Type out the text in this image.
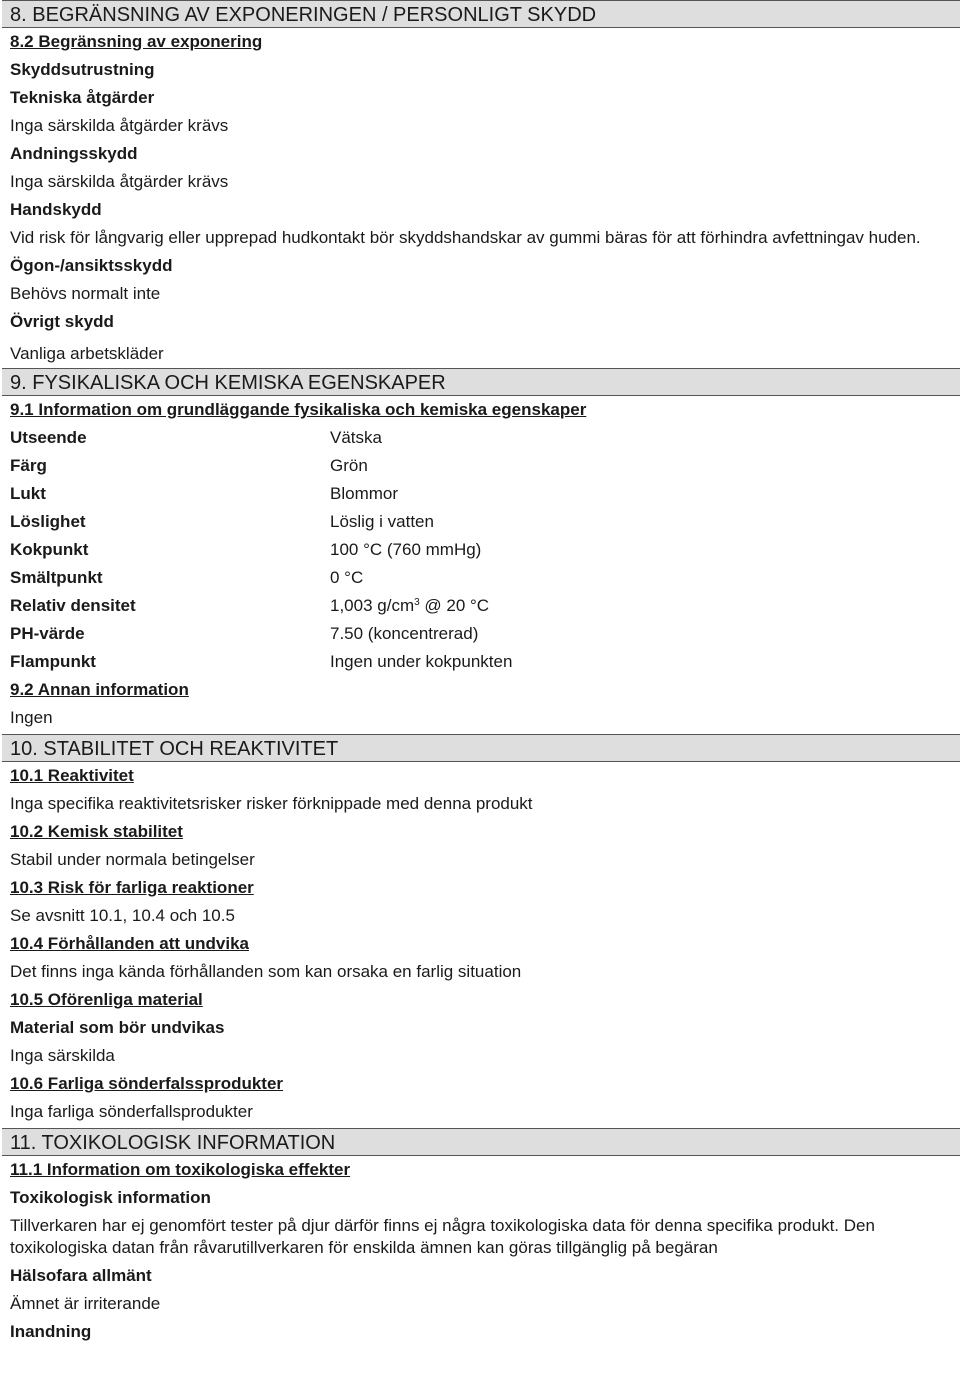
8. BEGRÄNSNING AV EXPONERINGEN / PERSONLIGT SKYDD
8.2 Begränsning av exponering
Skyddsutrustning
Tekniska åtgärder
Inga särskilda åtgärder krävs
Andningsskydd
Inga särskilda åtgärder krävs
Handskydd
Vid risk för långvarig eller upprepad hudkontakt bör skyddshandskar av gummi bäras för att förhindra avfettningav huden.
Ögon-/ansiktsskydd
Behövs normalt inte
Övrigt skydd
Vanliga arbetskläder
9. FYSIKALISKA OCH KEMISKA EGENSKAPER
9.1 Information om grundläggande fysikaliska och kemiska egenskaper
Utseende	Vätska
Färg	Grön
Lukt	Blommor
Löslighet	Löslig i vatten
Kokpunkt	100 °C (760 mmHg)
Smältpunkt	0 °C
Relativ densitet	1,003 $g/cm^3$ @ 20 °C
PH-värde	7.50 (koncentrerad)
Flampunkt	Ingen under kokpunkten
9.2 Annan information
Ingen
10. STABILITET OCH REAKTIVITET
10.1 Reaktivitet
Inga specifika reaktivitetsrisker risker förknippade med denna produkt
10.2 Kemisk stabilitet
Stabil under normala betingelser
10.3 Risk för farliga reaktioner
Se avsnitt 10.1, 10.4 och 10.5
10.4 Förhållanden att undvika
Det finns inga kända förhållanden som kan orsaka en farlig situation
10.5 Oförenliga material
Material som bör undvikas
Inga särskilda
10.6 Farliga sönderfalssprodukter
Inga farliga sönderfallsprodukter
11. TOXIKOLOGISK INFORMATION
11.1 Information om toxikologiska effekter
Toxikologisk information
Tillverkaren har ej genomfört tester på djur därför finns ej några toxikologiska data för denna specifika produkt. Den toxikologiska datan från råvarutillverkaren för enskilda ämnen kan göras tillgänglig på begäran
Hälsofara allmänt
Ämnet är irriterande
Inandning
